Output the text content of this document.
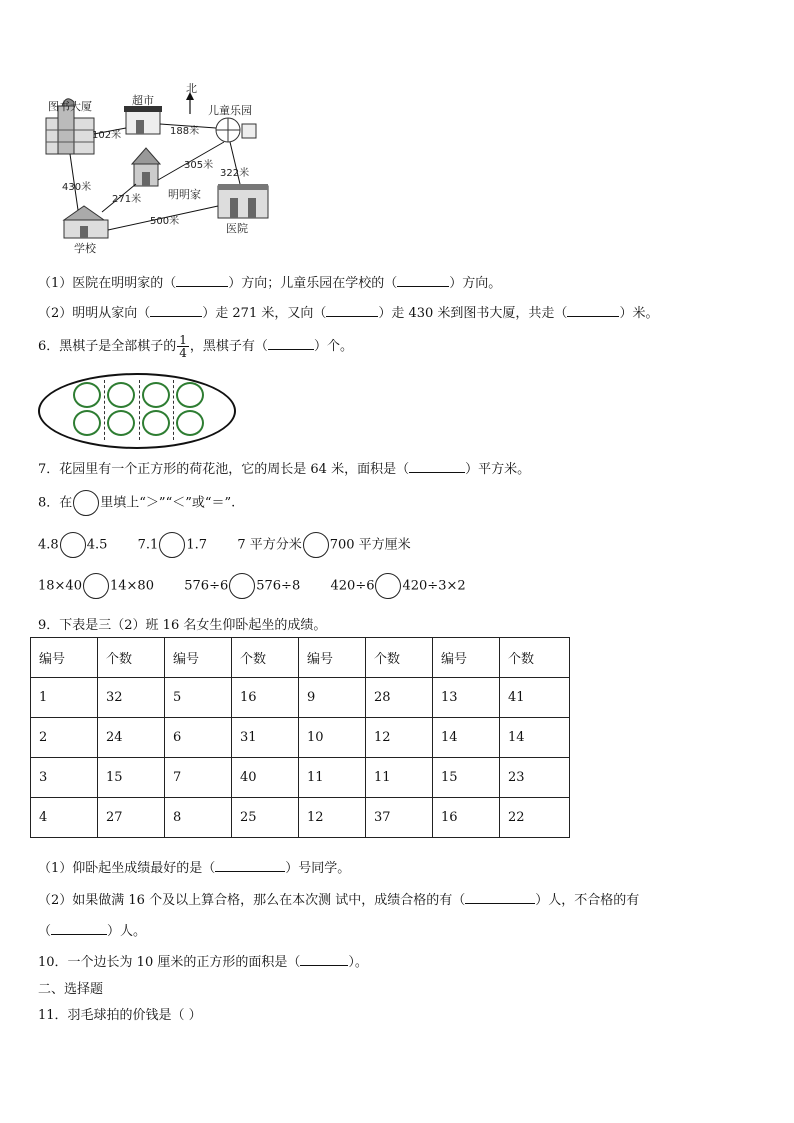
图书大厦	超市
北
儿童乐园
明明家
学校
医院
102米	188米
305米
322米
430米
271米
500米
（1）医院在明明家的（	）方向；儿童乐园在学校的（	）方向。
（2）明明从家向（	）走 271 米，又向（	）走 430 米到图书大厦，共走（	）米。
6．黑棋子是全部棋子的 $\frac{1}{4}$ ，黑棋子有（	）个。
7．花园里有一个正方形的荷花池，它的周长是 64 米，面积是（	）平方米。
8．在 里填上“＞”“＜”或“＝”.
4.8 4.5 7.1 1.7 7 平方分米 700 平方厘米
18×40 14×80 576÷6 576÷8 420÷6 420÷3×2
9．下表是三（2）班 16 名女生仰卧起坐的成绩。
编号	个数	编号	个数	编号	个数	编号	个数
1	32	5	16	9	28	13	41
2	24	6	31	10	12	14	14
3	15	7	40	11	11	15	23
4	27	8	25	12	37	16	22
（1）仰卧起坐成绩最好的是（	）号同学。
（2）如果做满 16 个及以上算合格，那么在本次测 试中，成绩合格的有（	）人，不合格的有
（	）人。
10．一个边长为 10 厘米的正方形的面积是（	）。
二、选择题
11．羽毛球拍的价钱是（ ）
